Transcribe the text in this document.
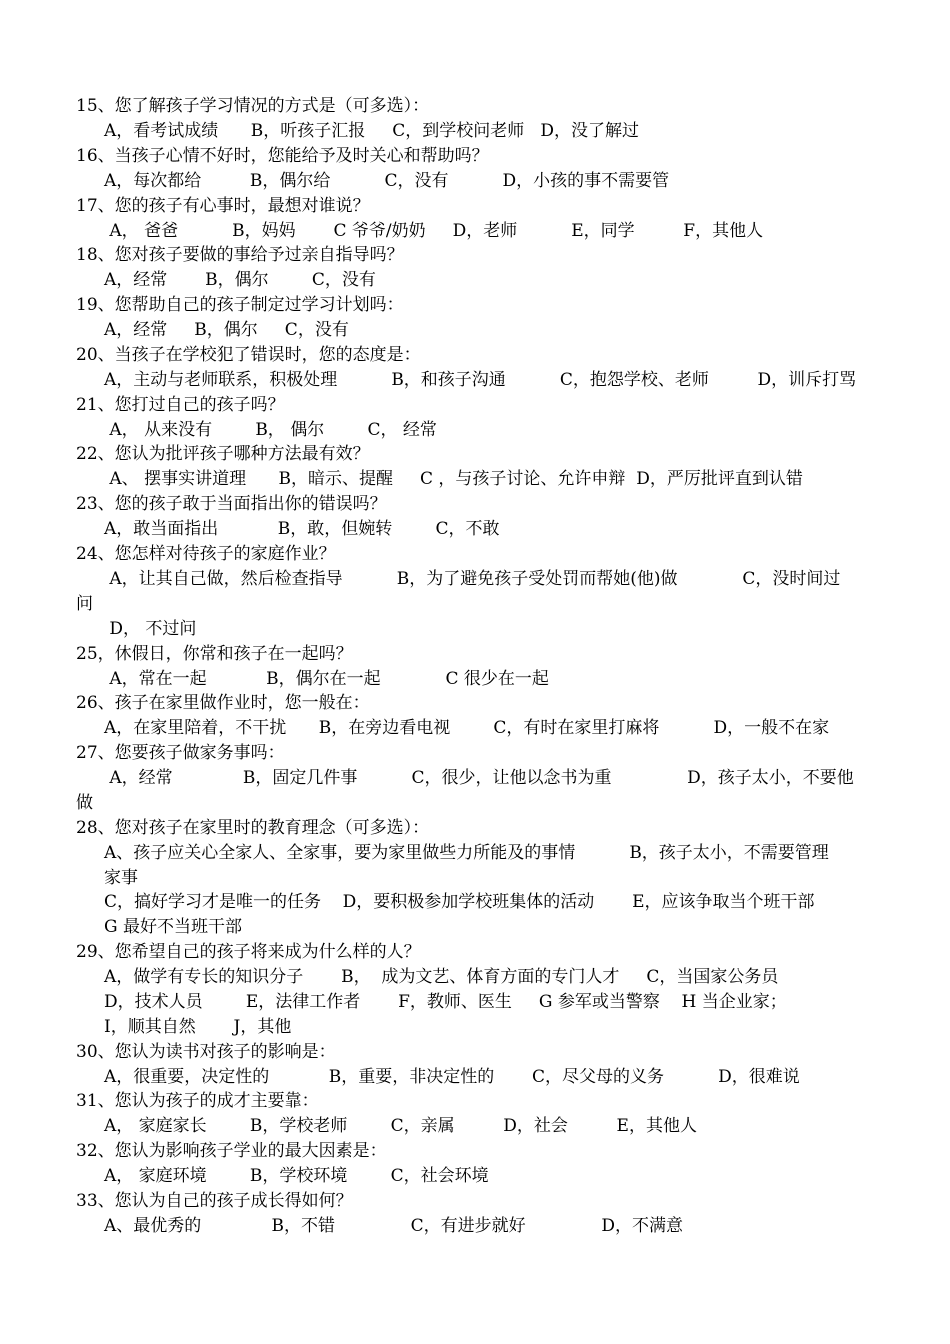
15、您了解孩子学习情况的方式是（可多选）：
A，看考试成绩      B，听孩子汇报     C，到学校问老师   D，没了解过
16、当孩子心情不好时，您能给予及时关心和帮助吗？
A，每次都给         B，偶尔给          C，没有          D，小孩的事不需要管
17、您的孩子有心事时，最想对谁说？
A， 爸爸          B，妈妈       C 爷爷/奶奶     D，老师          E，同学         F，其他人
18、您对孩子要做的事给予过亲自指导吗？
A，经常       B，偶尔        C，没有
19、您帮助自己的孩子制定过学习计划吗：
A，经常     B，偶尔     C，没有
20、当孩子在学校犯了错误时，您的态度是：
A，主动与老师联系，积极处理          B，和孩子沟通          C，抱怨学校、老师         D，训斥打骂
21、您打过自己的孩子吗？
A， 从来没有        B， 偶尔        C， 经常
22、您认为批评孩子哪种方法最有效？
A、 摆事实讲道理      B，暗示、提醒     C ，与孩子讨论、允许申辩  D，严厉批评直到认错
23、您的孩子敢于当面指出你的错误吗？
A，敢当面指出           B，敢，但婉转        C，不敢
24、您怎样对待孩子的家庭作业？
A，让其自己做，然后检查指导          B，为了避免孩子受处罚而帮她(他)做            C，没时间过
问
D， 不过问
25，休假日，你常和孩子在一起吗？
A，常在一起           B，偶尔在一起            C 很少在一起
26、孩子在家里做作业时，您一般在：
A，在家里陪着，不干扰      B，在旁边看电视        C，有时在家里打麻将          D，一般不在家
27、您要孩子做家务事吗：
A，经常             B，固定几件事          C，很少，让他以念书为重              D，孩子太小，不要他
做
28、您对孩子在家里时的教育理念（可多选）：
A、孩子应关心全家人、全家事，要为家里做些力所能及的事情          B，孩子太小，不需要管理
家事
C，搞好学习才是唯一的任务    D，要积极参加学校班集体的活动       E，应该争取当个班干部
G 最好不当班干部
29、您希望自己的孩子将来成为什么样的人？
A，做学有专长的知识分子       B，  成为文艺、体育方面的专门人才     C，当国家公务员
D，技术人员        E，法律工作者       F，教师、医生     G 参军或当警察    H 当企业家；
I，顺其自然       J，其他
30、您认为读书对孩子的影响是：
A，很重要，决定性的           B，重要，非决定性的       C，尽父母的义务          D，很难说
31、您认为孩子的成才主要靠：
A， 家庭家长        B，学校老师        C，亲属         D，社会         E，其他人
32、您认为影响孩子学业的最大因素是：
A， 家庭环境        B，学校环境        C，社会环境
33、您认为自己的孩子成长得如何？
A、最优秀的             B，不错              C，有进步就好              D，不满意
